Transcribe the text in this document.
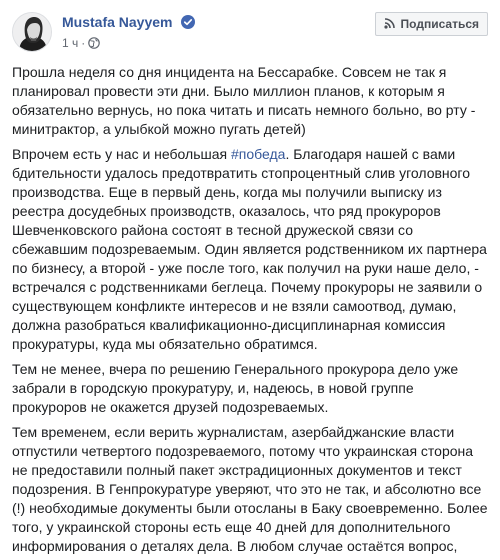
Mustafa Nayyem
1 ч ·
Подписаться

Прошла неделя со дня инцидента на Бессарабке. Совсем не так я планировал провести эти дни. Было миллион планов, к которым я обязательно вернусь, но пока читать и писать немного больно, во рту - минитрактор, а улыбкой можно пугать детей)

Впрочем есть у нас и небольшая #победа. Благодаря нашей с вами бдительности удалось предотвратить стопроцентный слив уголовного производства. Еще в первый день, когда мы получили выписку из реестра досудебных производств, оказалось, что ряд прокуроров Шевченковского района состоят в тесной дружеской связи со сбежавшим подозреваемым. Один является родственником их партнера по бизнесу, а второй - уже после того, как получил на руки наше дело, - встречался с родственниками беглеца. Почему прокуроры не заявили о существующем конфликте интересов и не взяли самоотвод, думаю, должна разобраться квалификационно-дисциплинарная комиссия прокуратуры, куда мы обязательно обратимся.

Тем не менее, вчера по решению Генерального прокурора дело уже забрали в городскую прокуратуру, и, надеюсь, в новой группе прокуроров не окажется друзей подозреваемых.

Тем временем, если верить журналистам, азербайджанские власти отпустили четвертого подозреваемого, потому что украинская сторона не предоставили полный пакет экстрадиционных документов и текст подозрения. В Генпрокуратуре уверяют, что это не так, и абсолютно все (!) необходимые документы были отосланы в Баку своевременно. Более того, у украинской стороны есть еще 40 дней для дополнительного информирования о деталях дела. В любом случае остаётся вопрос,
